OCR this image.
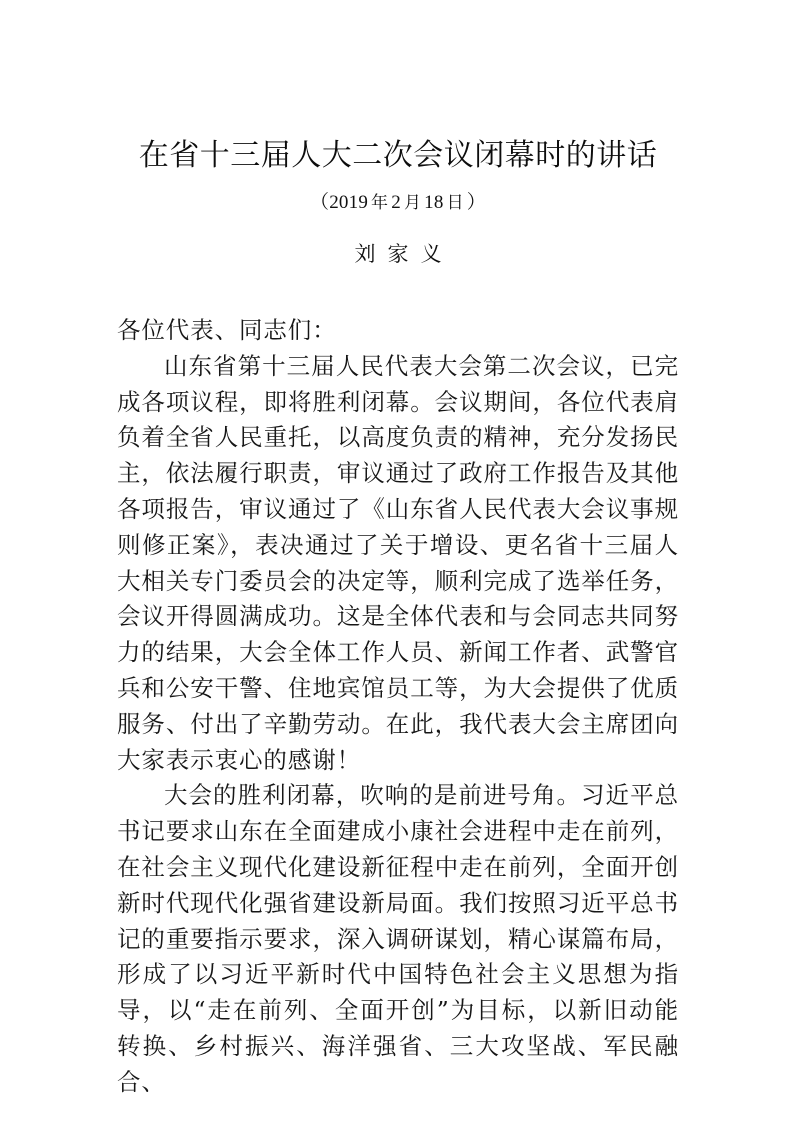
在省十三届人大二次会议闭幕时的讲话
（2019 年 2 月 18 日 ）
刘家义

各位代表、同志们：

山东省第十三届人民代表大会第二次会议，已完成各项议程，即将胜利闭幕。会议期间，各位代表肩负着全省人民重托，以高度负责的精神，充分发扬民主，依法履行职责，审议通过了政府工作报告及其他各项报告，审议通过了《山东省人民代表大会议事规则修正案》，表决通过了关于增设、更名省十三届人大相关专门委员会的决定等，顺利完成了选举任务，会议开得圆满成功。这是全体代表和与会同志共同努力的结果，大会全体工作人员、新闻工作者、武警官兵和公安干警、住地宾馆员工等，为大会提供了优质服务、付出了辛勤劳动。在此，我代表大会主席团向大家表示衷心的感谢！

大会的胜利闭幕，吹响的是前进号角。习近平总书记要求山东在全面建成小康社会进程中走在前列，在社会主义现代化建设新征程中走在前列，全面开创新时代现代化强省建设新局面。我们按照习近平总书记的重要指示要求，深入调研谋划，精心谋篇布局，形成了以习近平新时代中国特色社会主义思想为指导，以“走在前列、全面开创”为目标，以新旧动能转换、乡村振兴、海洋强省、三大攻坚战、军民融合、
